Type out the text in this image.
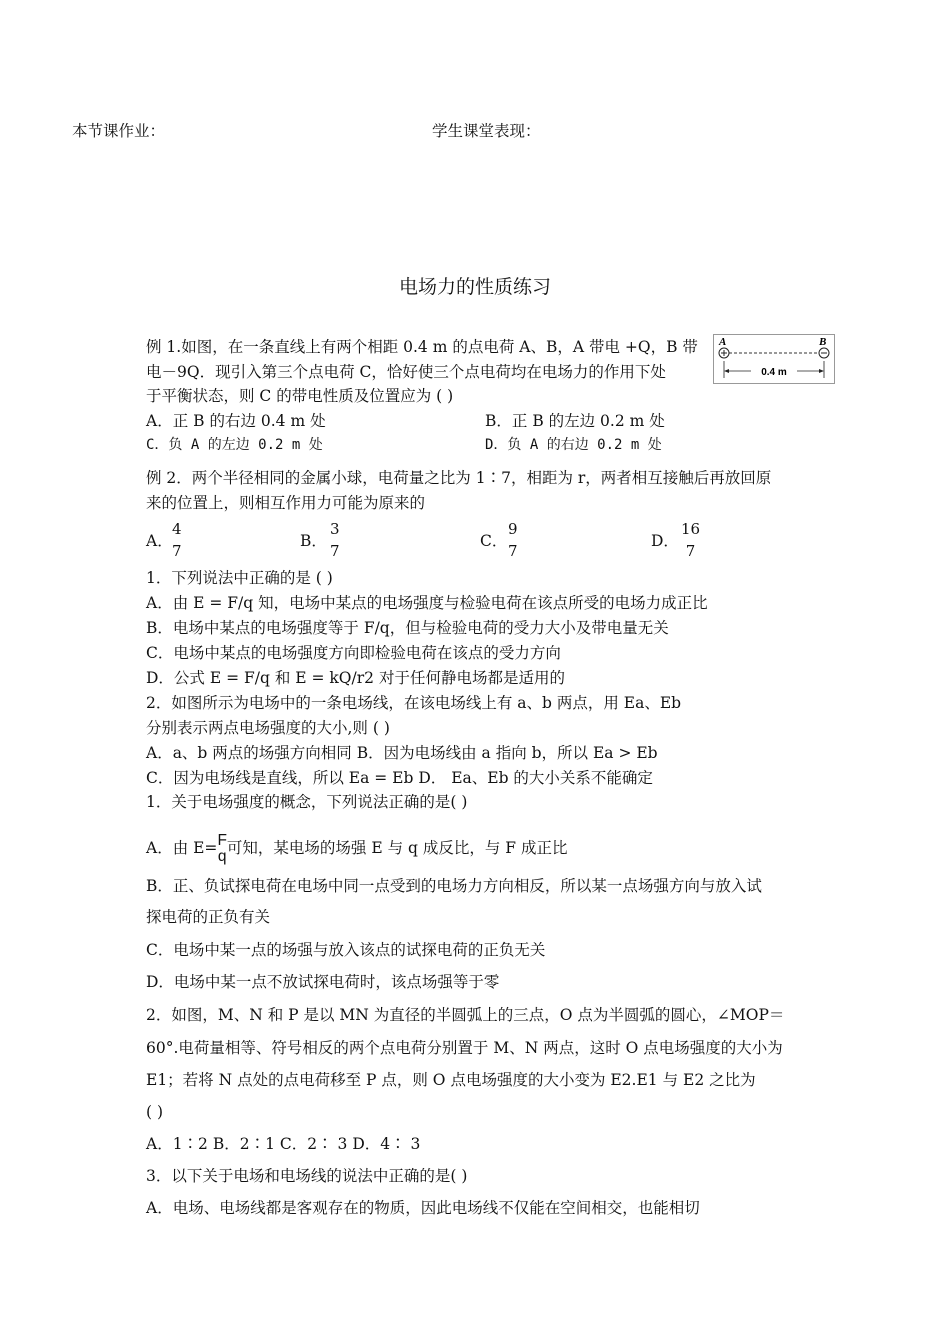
本节课作业：	学生课堂表现：
电场力的性质练习
A	B
0.4 m
例 1.如图，在一条直线上有两个相距 0.4 m 的点电荷 A、B，A 带电 +Q，B 带
电－9Q．现引入第三个点电荷 C，恰好使三个点电荷均在电场力的作用下处
于平衡状态，则 C 的带电性质及位置应为 ( )
A．正 B 的右边 0.4 m 处	B．正 B 的左边 0.2 m 处
C．负 A 的左边 0.2 m 处	D．负 A 的右边 0.2 m 处
例 2．两个半径相同的金属小球，电荷量之比为 1∶7，相距为 r，两者相互接触后再放回原
来的位置上，则相互作用力可能为原来的
A．
4
7
B．
3
7
C．
9
7
D．
16
7
1．下列说法中正确的是 ( )
A．由 E = F/q 知，电场中某点的电场强度与检验电荷在该点所受的电场力成正比
B．电场中某点的电场强度等于 F/q，但与检验电荷的受力大小及带电量无关
C．电场中某点的电场强度方向即检验电荷在该点的受力方向
D．公式 E = F/q 和 E = kQ/r2 对于任何静电场都是适用的
2．如图所示为电场中的一条电场线，在该电场线上有 a、b 两点，用 Ea、Eb
分别表示两点电场强度的大小,则 ( )
A．a、b 两点的场强方向相同 B．因为电场线由 a 指向 b，所以 Ea > Eb
C．因为电场线是直线，所以 Ea = Eb D． Ea、Eb 的大小关系不能确定
1．关于电场强度的概念，下列说法正确的是( )
A．由 E= F
q 可知，某电场的场强 E 与 q 成反比，与 F 成正比
B．正、负试探电荷在电场中同一点受到的电场力方向相反，所以某一点场强方向与放入试
探电荷的正负有关
C．电场中某一点的场强与放入该点的试探电荷的正负无关
D．电场中某一点不放试探电荷时，该点场强等于零
2．如图，M、N 和 P 是以 MN 为直径的半圆弧上的三点，O 点为半圆弧的圆心，∠MOP＝
60°.电荷量相等、符号相反的两个点电荷分别置于 M、N 两点，这时 O 点电场强度的大小为
E1；若将 N 点处的点电荷移至 P 点，则 O 点电场强度的大小变为 E2.E1 与 E2 之比为
( )
A．1∶2 B．2∶1 C．2∶ 3 D．4∶ 3
3．以下关于电场和电场线的说法中正确的是( )
A．电场、电场线都是客观存在的物质，因此电场线不仅能在空间相交，也能相切
